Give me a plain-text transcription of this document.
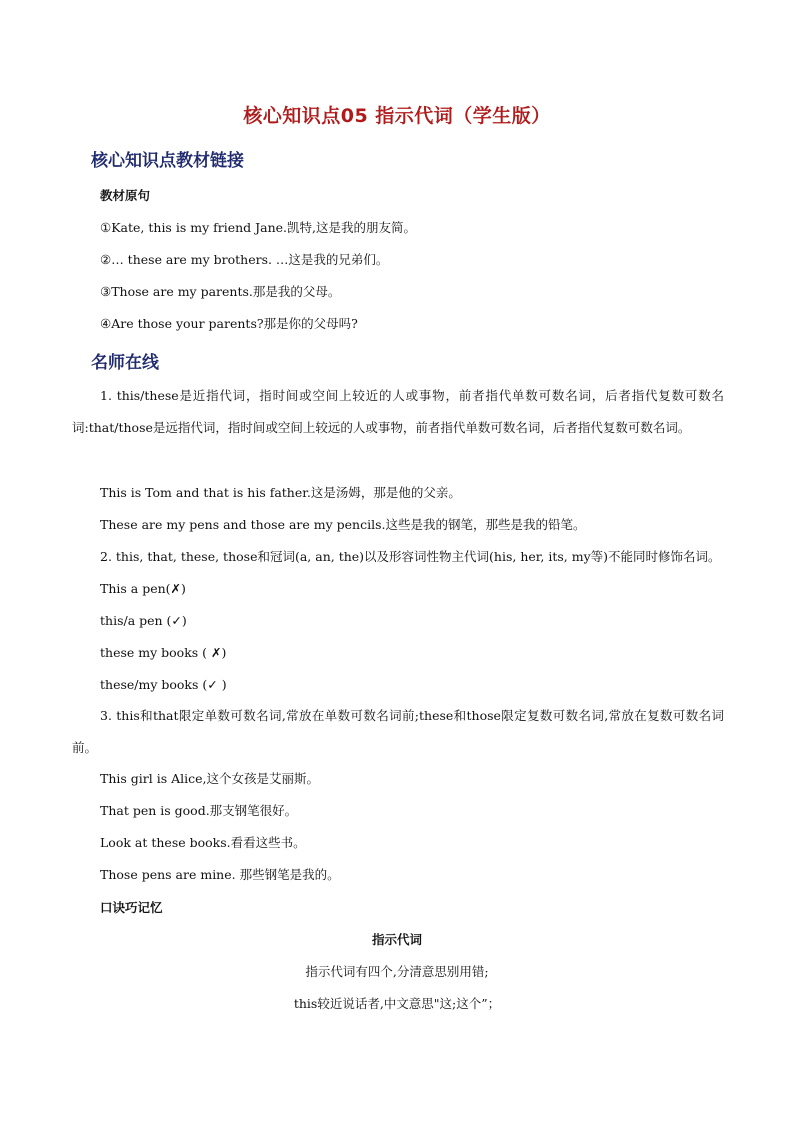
核心知识点05 指示代词（学生版）
核心知识点教材链接
教材原句
①Kate, this is my friend Jane.凯特,这是我的朋友简。
②… these are my brothers. …这是我的兄弟们。
③Those are my parents.那是我的父母。
④Are those your parents?那是你的父母吗?
名师在线
1. this/these是近指代词，指时间或空间上较近的人或事物，前者指代单数可数名词，后者指代复数可数名词:that/those是远指代词，指时间或空间上较远的人或事物，前者指代单数可数名词，后者指代复数可数名词。
This is Tom and that is his father.这是汤姆，那是他的父亲。
These are my pens and those are my pencils.这些是我的钢笔，那些是我的铅笔。
2. this, that, these, those和冠词(a, an, the)以及形容词性物主代词(his, her, its, my等)不能同时修饰名词。
This a pen(✗)
this/a pen (✓)
these my books ( ✗)
these/my books (✓ )
3. this和that限定单数可数名词,常放在单数可数名词前;these和those限定复数可数名词,常放在复数可数名词前。
This girl is Alice,这个女孩是艾丽斯。
That pen is good.那支钢笔很好。
Look at these books.看看这些书。
Those pens are mine. 那些钢笔是我的。
口诀巧记忆
指示代词
指示代词有四个,分清意思别用错;
this较近说话者,中文意思"这;这个”；
